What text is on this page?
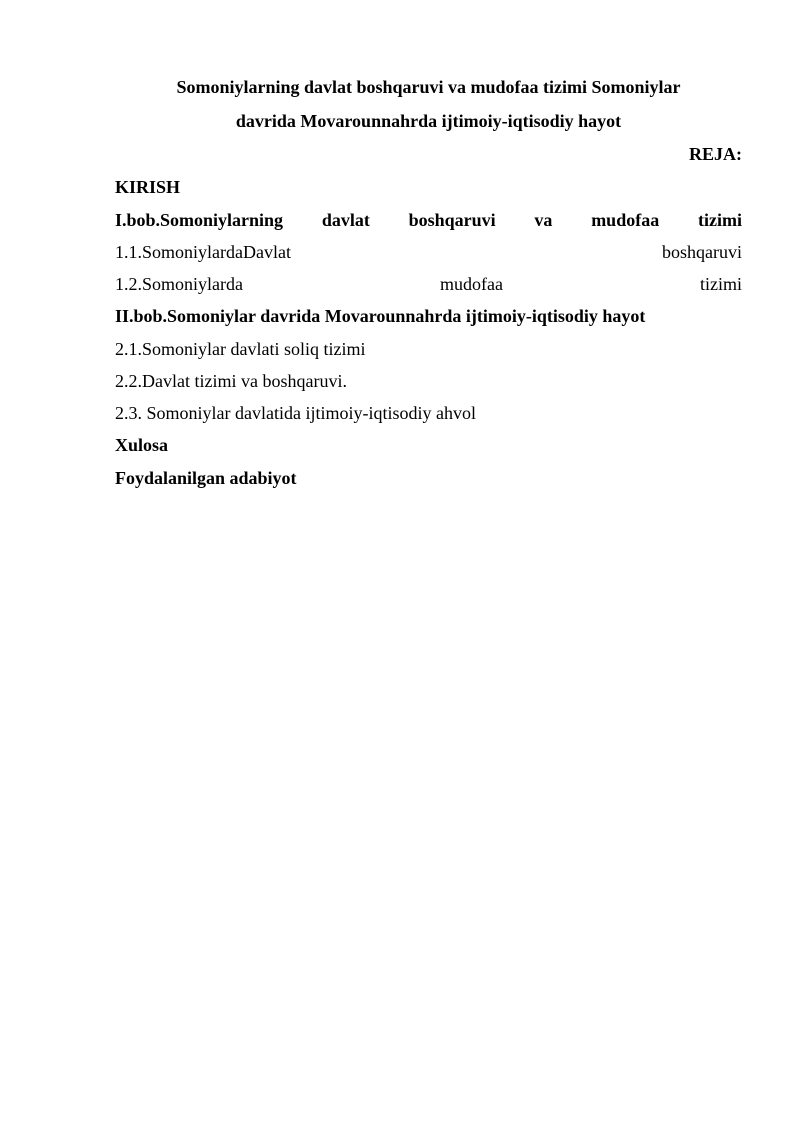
Somoniylarning davlat boshqaruvi va mudofaa tizimi Somoniylar
davrida Movarounnahrda ijtimoiy-iqtisodiy hayot
REJA:
KIRISH
I.bob.Somoniylarning davlat boshqaruvi va mudofaa tizimi
1.1.SomoniylardaDavlat	boshqaruvi
1.2.Somoniylarda	mudofaa	tizimi
II.bob.Somoniylar davrida Movarounnahrda ijtimoiy-iqtisodiy hayot
2.1.Somoniylar davlati soliq tizimi
2.2.Davlat tizimi va boshqaruvi.
2.3. Somoniylar davlatida ijtimoiy-iqtisodiy ahvol
Xulosa
Foydalanilgan adabiyot
